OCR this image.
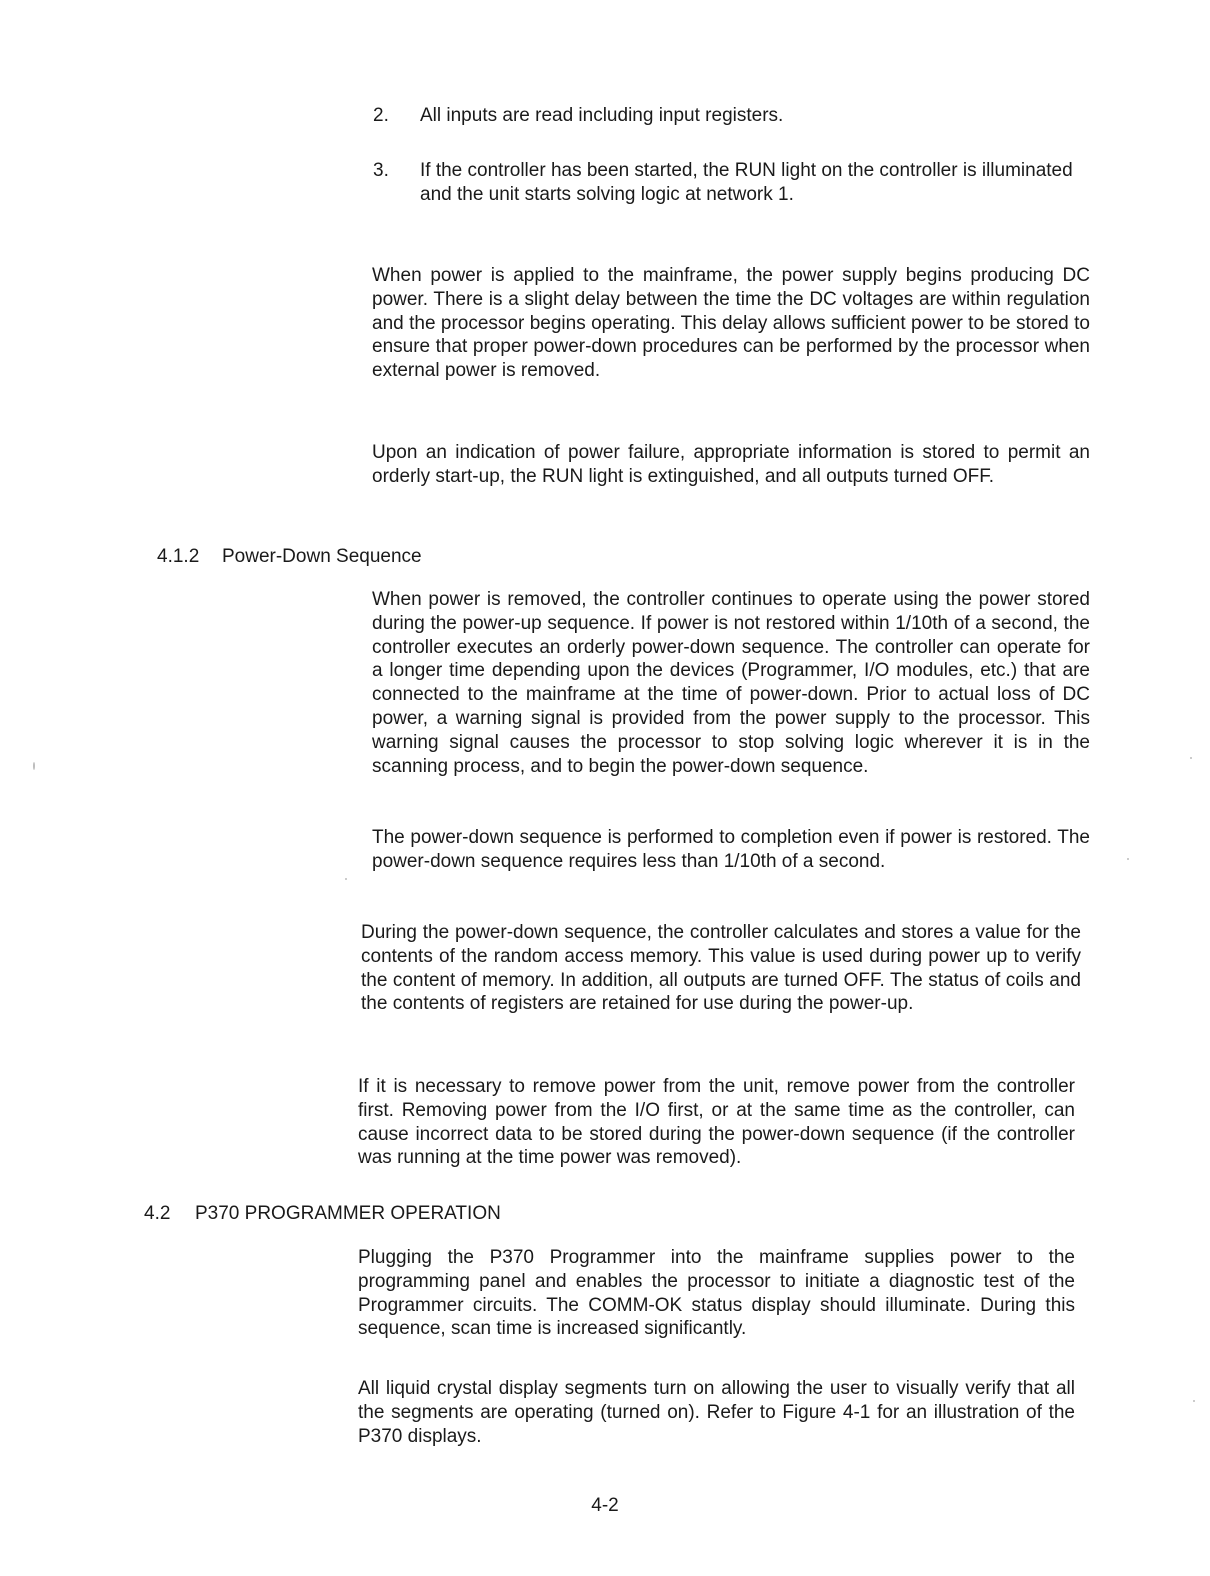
2. All inputs are read including input registers.
3. If the controller has been started, the RUN light on the controller is illuminated and the unit starts solving logic at network 1.

When power is applied to the mainframe, the power supply begins producing DC power. There is a slight delay between the time the DC voltages are within regulation and the processor begins operating. This delay allows sufficient power to be stored to ensure that proper power-down procedures can be performed by the processor when external power is removed.

Upon an indication of power failure, appropriate information is stored to permit an orderly start-up, the RUN light is extinguished, and all outputs turned OFF.

4.1.2 Power-Down Sequence

When power is removed, the controller continues to operate using the power stored during the power-up sequence. If power is not restored within 1/10th of a second, the controller executes an orderly power-down sequence. The controller can operate for a longer time depending upon the devices (Programmer, I/O modules, etc.) that are connected to the mainframe at the time of power-down. Prior to actual loss of DC power, a warning signal is provided from the power supply to the processor. This warning signal causes the processor to stop solving logic wherever it is in the scanning process, and to begin the power-down sequence.

The power-down sequence is performed to completion even if power is restored. The power-down sequence requires less than 1/10th of a second.

During the power-down sequence, the controller calculates and stores a value for the contents of the random access memory. This value is used during power up to verify the content of memory. In addition, all outputs are turned OFF. The status of coils and the contents of registers are retained for use during the power-up.

If it is necessary to remove power from the unit, remove power from the controller first. Removing power from the I/O first, or at the same time as the controller, can cause incorrect data to be stored during the power-down sequence (if the controller was running at the time power was removed).

4.2 P370 PROGRAMMER OPERATION

Plugging the P370 Programmer into the mainframe supplies power to the programming panel and enables the processor to initiate a diagnostic test of the Programmer circuits. The COMM-OK status display should illuminate. During this sequence, scan time is increased significantly.

All liquid crystal display segments turn on allowing the user to visually verify that all the segments are operating (turned on). Refer to Figure 4-1 for an illustration of the P370 displays.

4-2
